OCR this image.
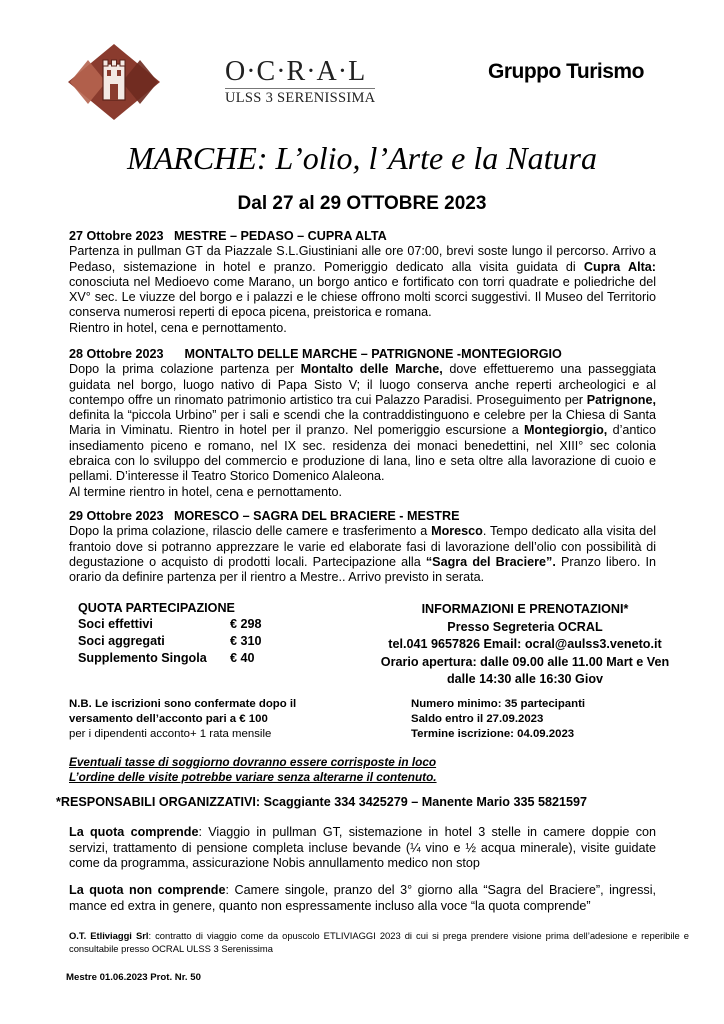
O·C·R·A·L
ULSS 3 SERENISSIMA
Gruppo Turismo
MARCHE: L’olio, l’Arte e la Natura
Dal 27 al 29 OTTOBRE 2023
27 Ottobre 2023   MESTRE – PEDASO – CUPRA ALTA

Partenza in pullman GT da Piazzale S.L.Giustiniani alle ore 07:00, brevi soste lungo il percorso. Arrivo a Pedaso, sistemazione in hotel e pranzo. Pomeriggio dedicato alla visita guidata di Cupra Alta: conosciuta nel Medioevo come Marano, un borgo antico e fortificato con torri quadrate e poliedriche del XV° sec. Le viuzze del borgo e i palazzi e le chiese offrono molti scorci suggestivi. Il Museo del Territorio conserva numerosi reperti di epoca picena, preistorica e romana.

Rientro in hotel, cena e pernottamento.

28 Ottobre 2023      MONTALTO DELLE MARCHE – PATRIGNONE -MONTEGIORGIO

Dopo la prima colazione partenza per Montalto delle Marche, dove effettueremo una passeggiata guidata nel borgo, luogo nativo di Papa Sisto V; il luogo conserva anche reperti archeologici e al contempo offre un rinomato patrimonio artistico tra cui Palazzo Paradisi. Proseguimento per Patrignone, definita la “piccola Urbino” per i sali e scendi che la contraddistinguono e celebre per la Chiesa di Santa Maria in Viminatu. Rientro in hotel per il pranzo. Nel pomeriggio escursione a Montegiorgio, d’antico insediamento piceno e romano, nel IX sec. residenza dei monaci benedettini, nel XIII° sec colonia ebraica con lo sviluppo del commercio e produzione di lana, lino e seta oltre alla lavorazione di cuoio e pellami. D’interesse il Teatro Storico Domenico Alaleona.

Al termine rientro in hotel, cena e pernottamento.

29 Ottobre 2023   MORESCO – SAGRA DEL BRACIERE - MESTRE

Dopo la prima colazione, rilascio delle camere e trasferimento a Moresco. Tempo dedicato alla visita del frantoio dove si potranno apprezzare le varie ed elaborate fasi di lavorazione dell’olio con possibilità di degustazione o acquisto di prodotti locali. Partecipazione alla “Sagra del Braciere”. Pranzo libero. In orario da definire partenza per il rientro a Mestre.. Arrivo previsto in serata.

QUOTA PARTECIPAZIONE
Soci effettivi	€ 298
Soci aggregati	€ 310
Supplemento Singola € 40
INFORMAZIONI E PRENOTAZIONI*
Presso Segreteria OCRAL
tel.041 9657826 Email: ocral@aulss3.veneto.it
Orario apertura: dalle 09.00 alle 11.00 Mart e Ven
dalle 14:30 alle 16:30 Giov
N.B. Le iscrizioni sono confermate dopo il
versamento dell’acconto pari a € 100
per i dipendenti acconto+ 1 rata mensile
Numero minimo: 35 partecipanti
Saldo entro il 27.09.2023
Termine iscrizione: 04.09.2023
Eventuali tasse di soggiorno dovranno essere corrisposte in loco
L’ordine delle visite potrebbe variare senza alterarne il contenuto.
*RESPONSABILI ORGANIZZATIVI: Scaggiante 334 3425279 – Manente Mario 335 5821597
La quota comprende: Viaggio in pullman GT, sistemazione in hotel 3 stelle in camere doppie con servizi, trattamento di pensione completa incluse bevande (¼ vino e ½ acqua minerale), visite guidate come da programma, assicurazione Nobis annullamento medico non stop
La quota non comprende: Camere singole, pranzo del 3° giorno alla “Sagra del Braciere”, ingressi, mance ed extra in genere, quanto non espressamente incluso alla voce “la quota comprende”
O.T. Etliviaggi Srl: contratto di viaggio come da opuscolo ETLIVIAGGI 2023 di cui si prega prendere visione prima dell’adesione e reperibile e consultabile presso OCRAL ULSS 3 Serenissima
Mestre 01.06.2023 Prot. Nr. 50
